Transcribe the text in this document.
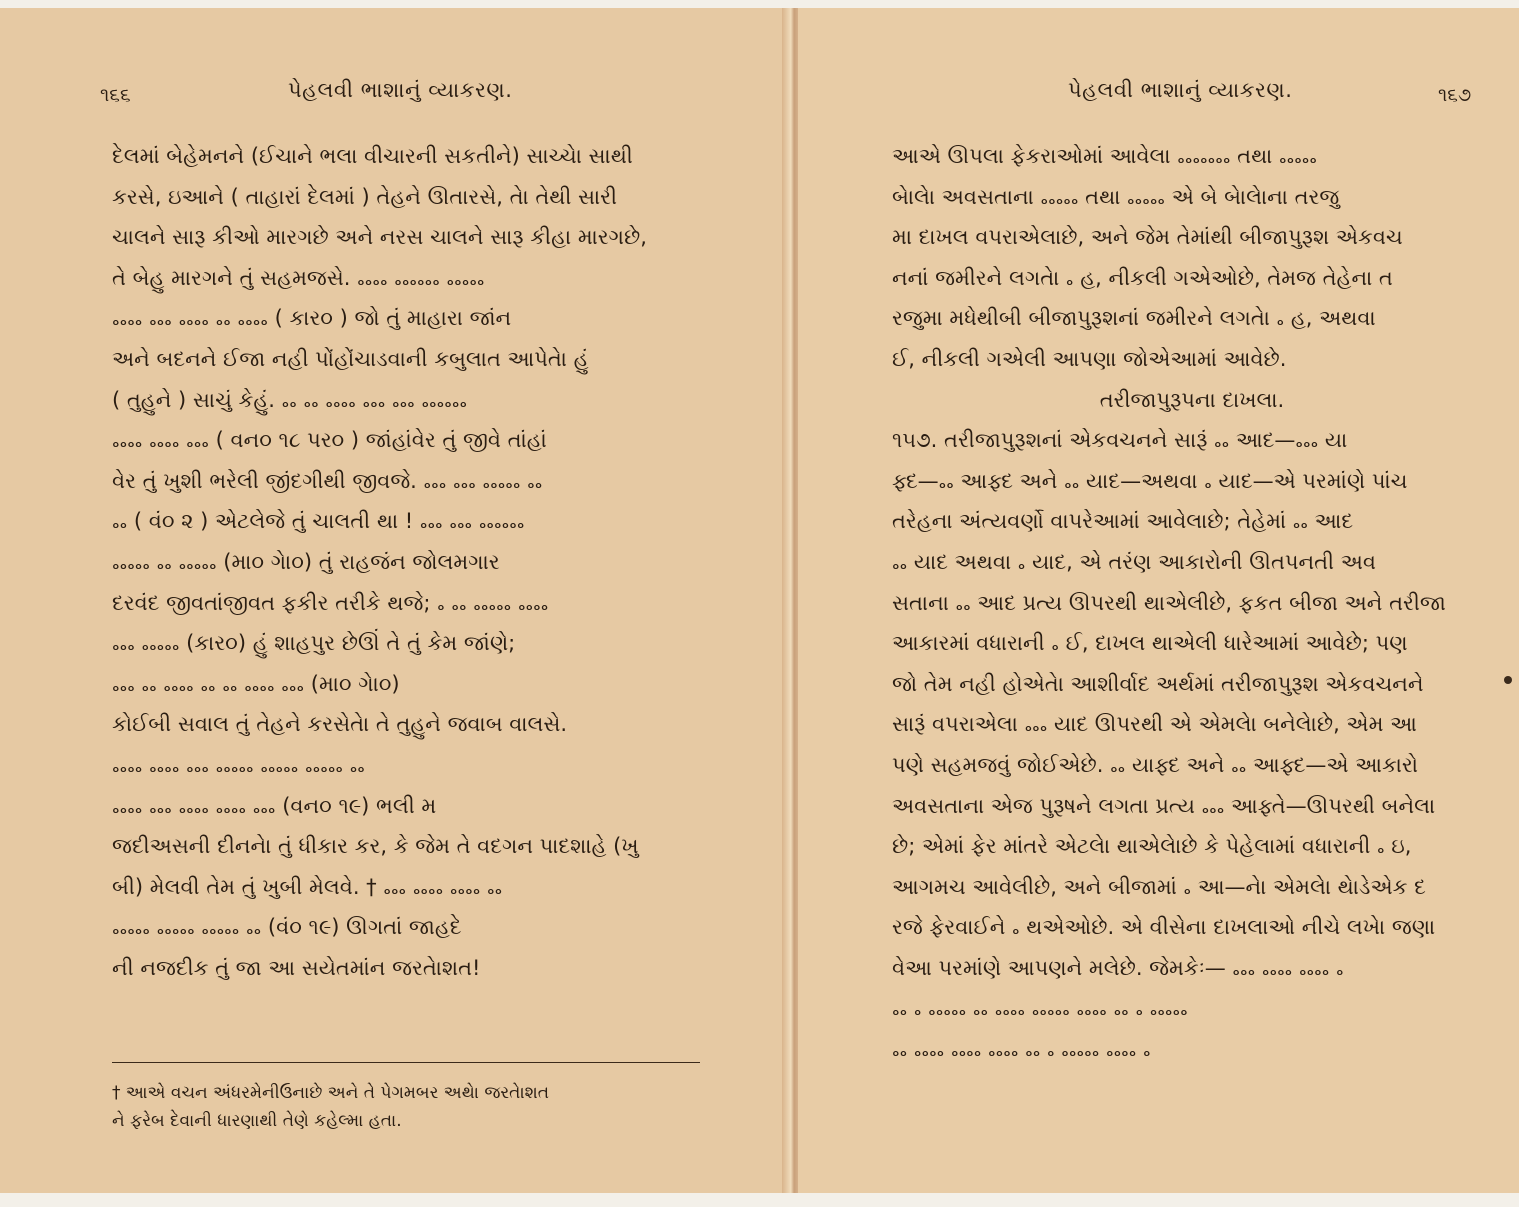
૧૬૬	પેહલવી ભાશાનું વ્યાકરણ.
દેલમાં બેહેમનને (ઈચાને ભલા વીચારની સકતીને) સાચ્ચેા સાથી
કરસે, ઇઆને ( તાહારાં દેલમાં ) તેહને ઊતારસે, તેા તેથી સારી
ચાલને સારૂ કીઓ મારગછે અને નરસ ચાલને સારૂ કીહા મારગછે,
તે બેહુ મારગને તું સહમજસે. ૰૰૰૰ ૰૰૰૰૰૰ ૰૰૰૰૰
૰૰૰૰ ૰૰૰ ૰૰૰૰ ૰૰ ૰૰૰૰ ( કાર૦ ) જો તું માહારા જાંન
અને બદનને ઈજા નહી પોંહોંચાડવાની કબુલાત આપેતેા હું
( તુહુને ) સાચું કેહું. ૰૰ ૰૰ ૰૰૰૰ ૰૰૰ ૰૰૰ ૰૰૰૰૰૰
૰૰૰૰ ૰૰૰૰ ૰૰૰ ( વન૦ ૧૮ પર૦ ) જાંહાંવેર તું જીવે તાંહાં
વેર તું ખુશી ભરેલી જીંદગીથી જીવજે. ૰૰૰ ૰૰૰ ૰૰૰૰૰ ૰૰
૰૰ ( વં૦ ૨ ) એટલેજે તું ચાલતી થા ! ૰૰૰ ૰૰૰ ૰૰૰૰૰૰
૰૰૰૰૰ ૰૰ ૰૰૰૰૰ (મા૦ ગેા૦) તું રાહજંન જોલમગાર
દરવંદ જીવતાંજીવત ફકીર તરીકે થજે; ૰ ૰૰ ૰૰૰૰૰ ૰૰૰૰
૰૰૰ ૰૰૰૰૰ (કાર૦) હું શાહપુર છેઊં તે તું કેમ જાંણે;
૰૰૰ ૰૰ ૰૰૰૰ ૰૰ ૰૰ ૰૰૰૰ ૰૰૰ (મા૦ ગેા૦)
કોઈબી સવાલ તું તેહને કરસેતેા તે તુહુને જવાબ વાલસે.
૰૰૰૰ ૰૰૰૰ ૰૰૰ ૰૰૰૰૰ ૰૰૰૰૰ ૰૰૰૰૰ ૰૰
૰૰૰૰ ૰૰૰ ૰૰૰૰ ૰૰૰૰ ૰૰૰ (વન૦ ૧૯) ભલી મ
જદીઅસની દીનનેા તું ધીકાર કર, કે જેમ તે વદગન પાદશાહે (ખુ
બી) મેલવી તેમ તું ખુબી મેલવે. † ૰૰૰ ૰૰૰૰ ૰૰૰૰ ૰૰
૰૰૰૰૰ ૰૰૰૰૰ ૰૰૰૰૰ ૰૰ (વં૦ ૧૯) ઊગતાં જાહદે
ની નજદીક તું જા આ સયેતમાંન જરતેાશત!
† આએ વચન અંધરમેનીઉનાછે અને તે પેગમબર અથેા જરતેાશત
ને ફરેબ દેવાની ધારણાથી તેણે કહેલ્મા હતા.
પેહલવી ભાશાનું વ્યાકરણ.	૧૬૭
આએ ઊપલા ફેકરાઓમાં આવેલા ૰૰૰૰૰૰૰ તથા ૰૰૰૰૰
બેાલેા અવસતાના ૰૰૰૰૰ તથા ૰૰૰૰૰ એ બે બેાલેાના તરજુ
મા દાખલ વપરાએલાછે, અને જેમ તેમાંથી બીજાપુરૂશ એકવચ
નનાં જમીરને લગતેા ૰ હ, નીકલી ગએઓછે, તેમજ તેહેના ત
રજુમા મધેથીબી બીજાપુરૂશનાં જમીરને લગતેા ૰ હ, અથવા
ઈ, નીકલી ગએલી આપણા જોએઆમાં આવેછે.
તરીજાપુરૂપના દાખલા.
૧૫૭. તરીજાપુરૂશનાં એકવચનને સારૂં ૰૰ આદ—૰૰૰ યા
ફ્દ—૰૰ આફ્દ અને ૰૰ યાદ—અથવા ૰ યાદ—એ પરમાંણે પાંચ
તરેહના અંત્યવર્ણો વાપરેઆમાં આવેલાછે; તેહેમાં ૰૰ આદ
૰૰ યાદ અથવા ૰ યાદ, એ તરંણ આકારોની ઊતપનતી અવ
સતાના ૰૰ આદ પ્રત્ય ઊપરથી થાએલીછે, ફકત બીજા અને તરીજા
આકારમાં વધારાની ૰ ઈ, દાખલ થાએલી ધારેઆમાં આવેછે; પણ
જો તેમ નહી હોએતેા આશીર્વાદ અર્થમાં તરીજાપુરૂશ એકવચનને
સારૂં વપરાએલા ૰૰૰ યાદ ઊપરથી એ એમલેા બનેલેાછે, એમ આ
પણે સહમજવું જોઈએછે. ૰૰ યાફ્દ અને ૰૰ આફ્દ—એ આકારો
અવસતાના એજ પુરૂષને લગતા પ્રત્ય ૰૰૰ આફ્તે—ઊપરથી બનેલા
છે; એમાં ફેર માંતરે એટલેા થાએલેાછે કે પેહેલામાં વધારાની ૰ ઇ,
આગમચ આવેલીછે, અને બીજામાં ૰ આ—નેા એમલેા થેાડેએક દ
રજે ફેરવાઈને ૰ થએઓછે. એ વીસેના દાખલાઓ નીચે લખેા જણા
વેઆ પરમાંણે આપણને મલેછે. જેમકેઃ— ૰૰૰ ૰૰૰૰ ૰૰૰૰ ૰
૰૰ ૰ ૰૰૰૰૰ ૰૰ ૰૰૰૰ ૰૰૰૰૰ ૰૰૰૰ ૰૰ ૰ ૰૰૰૰૰
૰૰ ૰૰૰૰ ૰૰૰૰ ૰૰૰૰ ૰૰ ૰ ૰૰૰૰૰ ૰૰૰૰ ૰
